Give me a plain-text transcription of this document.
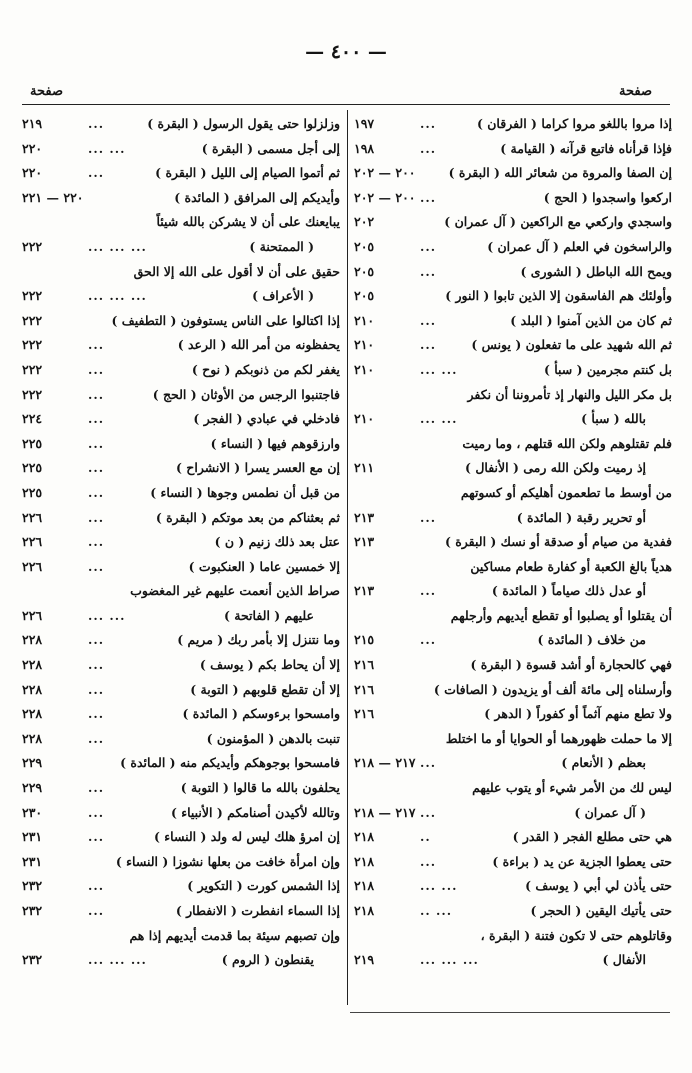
— ٤٠٠ —
صفحة
صفحة
إذا مروا باللغو مروا كراما ( الفرقان )
...
١٩٧
فإذا قرأناه فاتبع قرآنه ( القيامة )
...
١٩٨
إن الصفا والمروة من شعائر الله ( البقرة )
٢٠٠ — ٢٠٢
اركعوا واسجدوا ( الحج )
...
٢٠٠ — ٢٠٢
واسجدي واركعي مع الراكعين ( آل عمران )
٢٠٢
والراسخون في العلم ( آل عمران )
...
٢٠٥
ويمح الله الباطل ( الشورى )
...
٢٠٥
وأولئك هم الفاسقون إلا الذين تابوا ( النور )
٢٠٥
ثم كان من الذين آمنوا ( البلد )
...
٢١٠
ثم الله شهيد على ما تفعلون ( يونس )
...
٢١٠
بل كنتم مجرمين ( سبأ )
... ...
٢١٠
بل مكر الليل والنهار إذ تأمروننا أن نكفر
بالله ( سبأ )
... ...
٢١٠
فلم تقتلوهم ولكن الله قتلهم ، وما رميت
إذ رميت ولكن الله رمى ( الأنفال )
٢١١
من أوسط ما تطعمون أهليكم أو كسوتهم
أو تحرير رقبة ( المائدة )
...
٢١٣
ففدية من صيام أو صدقة أو نسك ( البقرة )
٢١٣
هدياً بالغ الكعبة أو كفارة طعام مساكين
أو عدل ذلك صياماً ( المائدة )
...
٢١٣
أن يقتلوا أو يصلبوا أو تقطع أيديهم وأرجلهم
من خلاف ( المائدة )
...
٢١٥
فهي كالحجارة أو أشد قسوة ( البقرة )
٢١٦
وأرسلناه إلى مائة ألف أو يزيدون ( الصافات )
٢١٦
ولا تطع منهم آثماً أو كفوراً ( الدهر )
٢١٦
إلا ما حملت ظهورهما أو الحوايا أو ما اختلط
بعظم ( الأنعام )
...
٢١٧ — ٢١٨
ليس لك من الأمر شيء أو يتوب عليهم
( آل عمران )
...
٢١٧ — ٢١٨
هي حتى مطلع الفجر ( القدر )
..
٢١٨
حتى يعطوا الجزية عن يد ( براءة )
...
٢١٨
حتى يأذن لي أبي ( يوسف )
... ...
٢١٨
حتى يأتيك اليقين ( الحجر )
... ..
٢١٨
وقاتلوهم حتى لا تكون فتنة ( البقرة ،
الأنفال )
... ... ...
٢١٩
وزلزلوا حتى يقول الرسول ( البقرة )
...
٢١٩
إلى أجل مسمى ( البقرة )
... ...
٢٢٠
ثم أتموا الصيام إلى الليل ( البقرة )
...
٢٢٠
وأيديكم إلى المرافق ( المائدة )
٢٢٠ — ٢٢١
يبايعنك على أن لا يشركن بالله شيئاً
( الممتحنة )
... ... ...
٢٢٢
حقيق على أن لا أقول على الله إلا الحق
( الأعراف )
... ... ...
٢٢٢
إذا اكتالوا على الناس يستوفون ( التطفيف )
٢٢٢
يحفظونه من أمر الله ( الرعد )
...
٢٢٢
يغفر لكم من ذنوبكم ( نوح )
...
٢٢٢
فاجتنبوا الرجس من الأوثان ( الحج )
...
٢٢٢
فادخلي في عبادي ( الفجر )
...
٢٢٤
وارزقوهم فيها ( النساء )
...
٢٢٥
إن مع العسر يسرا ( الانشراح )
...
٢٢٥
من قبل أن نطمس وجوها ( النساء )
...
٢٢٥
ثم بعثناكم من بعد موتكم ( البقرة )
...
٢٢٦
عتل بعد ذلك زنيم ( ن )
...
٢٢٦
إلا خمسين عاما ( العنكبوت )
...
٢٢٦
صراط الذين أنعمت عليهم غير المغضوب
عليهم ( الفاتحة )
... ...
٢٢٦
وما نتنزل إلا بأمر ربك ( مريم )
...
٢٢٨
إلا أن يحاط بكم ( يوسف )
...
٢٢٨
إلا أن تقطع قلوبهم ( التوبة )
...
٢٢٨
وامسحوا برءوسكم ( المائدة )
...
٢٢٨
تنبت بالدهن ( المؤمنون )
...
٢٢٨
فامسحوا بوجوهكم وأيديكم منه ( المائدة )
٢٢٩
يحلفون بالله ما قالوا ( التوبة )
...
٢٢٩
وتالله لأكيدن أصنامكم ( الأنبياء )
...
٢٣٠
إن امرؤ هلك ليس له ولد ( النساء )
...
٢٣١
وإن امرأة خافت من بعلها نشوزا ( النساء )
٢٣١
إذا الشمس كورت ( التكوير )
...
٢٣٢
إذا السماء انفطرت ( الانفطار )
...
٢٣٢
وإن تصبهم سيئة بما قدمت أيديهم إذا هم
يقنطون ( الروم )
... ... ...
٢٣٢
